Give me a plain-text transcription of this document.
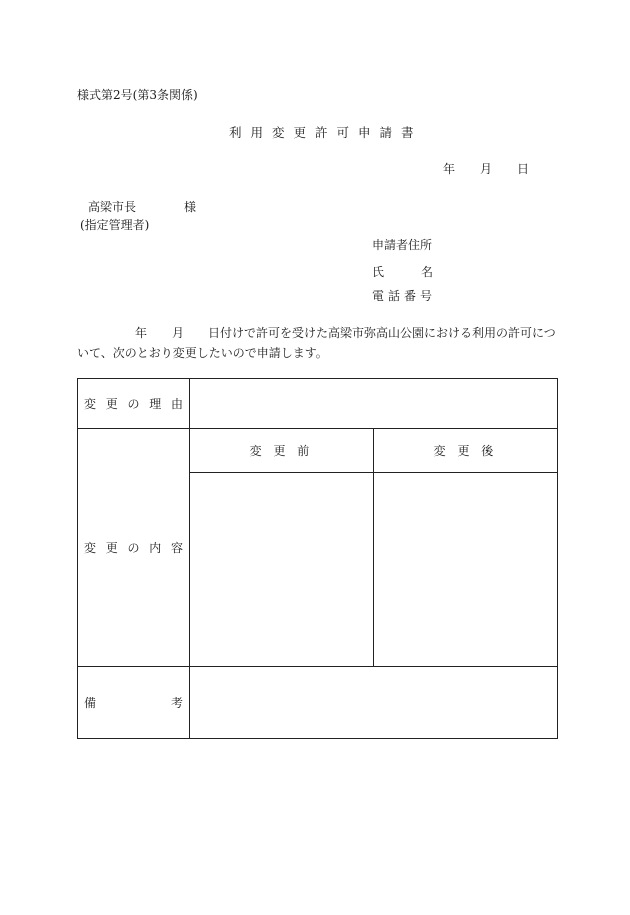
様式第2号(第3条関係)
利用変更許可申請書
年 月 日
高梁市長	様
(指定管理者)
申請者住所
氏	名
電話番号
年 月 日付けで許可を受けた高梁市弥高山公園における利用の許可につ
いて、次のとおり変更したいので申請します。
変 更 の 理 由		

変 更 の 内 容	変 更 前	変 更 後

備 考		
